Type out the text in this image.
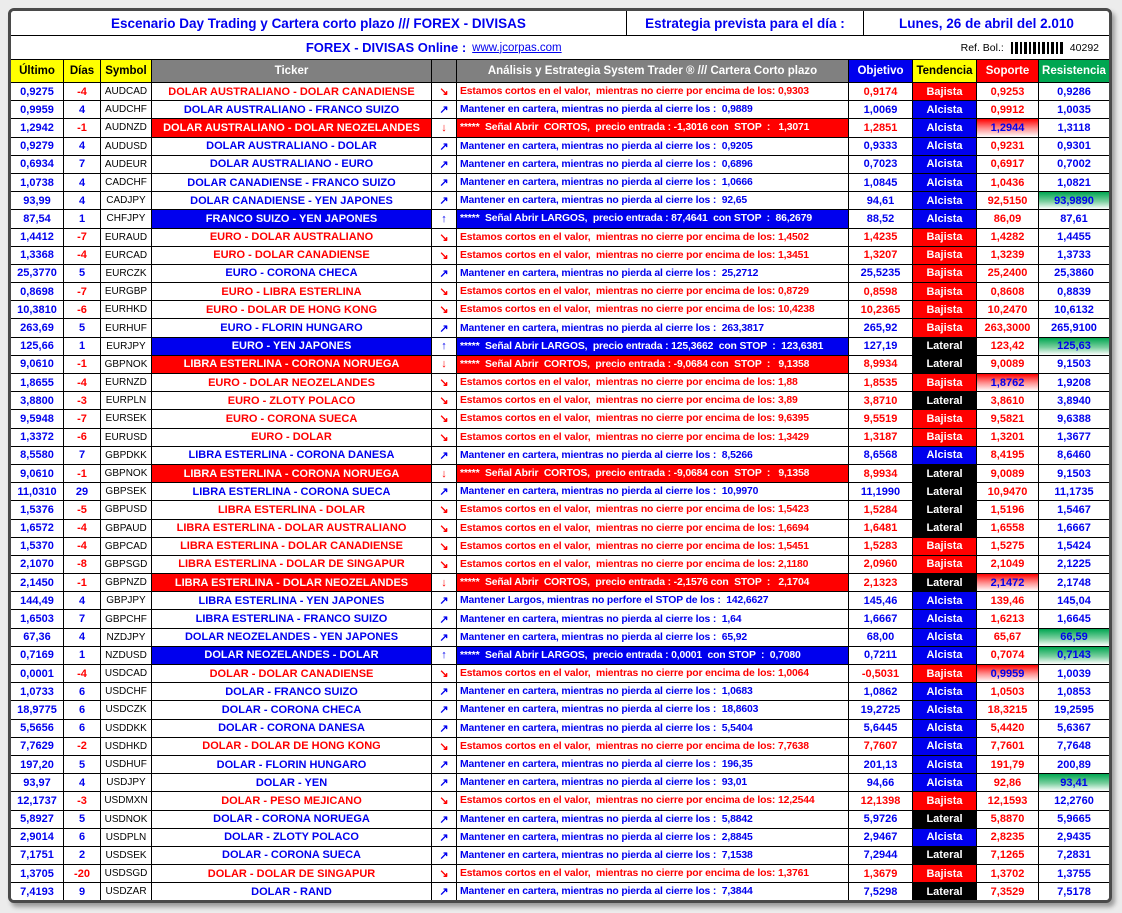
Escenario Day Trading y Cartera corto plazo /// FOREX - DIVISAS	Estrategia prevista para el día :	Lunes, 26 de abril del 2.010
FOREX - DIVISAS Online : www.jcorpas.com	Ref. Bol.:	40292
Último	Días Symbol	Ticker	Análisis y Estrategia System Trader ® /// Cartera Corto plazo	Objetivo	Tendencia	Soporte	Resistencia
0,9275	-4	AUDCAD	DOLAR AUSTRALIANO - DOLAR CANADIENSE	↘ Estamos cortos en el valor,  mientras no cierre por encima de los: 0,9303	0,9174	Bajista	0,9253	0,9286
0,9959	4	AUDCHF	DOLAR AUSTRALIANO - FRANCO SUIZO	↗ Mantener en cartera, mientras no pierda al cierre los :  0,9889	1,0069	Alcista	0,9912	1,0035
1,2942	-1	AUDNZD	DOLAR AUSTRALIANO - DOLAR NEOZELANDES	↓ *****  Señal Abrir  CORTOS,  precio entrada : -1,3016 con  STOP  :   1,3071	1,2851	Alcista	1,2944	1,3118
0,9279	4	AUDUSD	DOLAR AUSTRALIANO - DOLAR	↗ Mantener en cartera, mientras no pierda al cierre los :  0,9205	0,9333	Alcista	0,9231	0,9301
0,6934	7	AUDEUR	DOLAR AUSTRALIANO - EURO	↗ Mantener en cartera, mientras no pierda al cierre los :  0,6896	0,7023	Alcista	0,6917	0,7002
1,0738	4	CADCHF	DOLAR CANADIENSE - FRANCO SUIZO	↗ Mantener en cartera, mientras no pierda al cierre los :  1,0666	1,0845	Alcista	1,0436	1,0821
93,99	4	CADJPY	DOLAR CANADIENSE - YEN JAPONES	↗ Mantener en cartera, mientras no pierda al cierre los :  92,65	94,61	Alcista	92,5150	93,9890
87,54	1	CHFJPY	FRANCO SUIZO - YEN JAPONES	↑ *****  Señal Abrir LARGOS,  precio entrada : 87,4641  con STOP  :  86,2679	88,52	Alcista	86,09	87,61
1,4412	-7	EURAUD	EURO - DOLAR AUSTRALIANO	↘ Estamos cortos en el valor,  mientras no cierre por encima de los: 1,4502	1,4235	Bajista	1,4282	1,4455
1,3368	-4	EURCAD	EURO - DOLAR CANADIENSE	↘ Estamos cortos en el valor,  mientras no cierre por encima de los: 1,3451	1,3207	Bajista	1,3239	1,3733
25,3770	5	EURCZK	EURO - CORONA CHECA	↗ Mantener en cartera, mientras no pierda al cierre los :  25,2712	25,5235	Bajista	25,2400	25,3860
0,8698	-7	EURGBP	EURO - LIBRA ESTERLINA	↘ Estamos cortos en el valor,  mientras no cierre por encima de los: 0,8729	0,8598	Bajista	0,8608	0,8839
10,3810	-6	EURHKD	EURO - DOLAR DE HONG KONG	↘ Estamos cortos en el valor,  mientras no cierre por encima de los: 10,4238	10,2365	Bajista	10,2470	10,6132
263,69	5	EURHUF	EURO - FLORIN HUNGARO	↗ Mantener en cartera, mientras no pierda al cierre los :  263,3817	265,92	Bajista	263,3000	265,9100
125,66	1	EURJPY	EURO - YEN JAPONES	↑ *****  Señal Abrir LARGOS,  precio entrada : 125,3662  con STOP  :  123,6381	127,19	Lateral	123,42	125,63
9,0610	-1	GBPNOK	LIBRA ESTERLINA - CORONA NORUEGA	↓ *****  Señal Abrir  CORTOS,  precio entrada : -9,0684 con  STOP  :   9,1358	8,9934	Lateral	9,0089	9,1503
1,8655	-4	EURNZD	EURO - DOLAR NEOZELANDES	↘ Estamos cortos en el valor,  mientras no cierre por encima de los: 1,88	1,8535	Bajista	1,8762	1,9208
3,8800	-3	EURPLN	EURO - ZLOTY POLACO	↘ Estamos cortos en el valor,  mientras no cierre por encima de los: 3,89	3,8710	Lateral	3,8610	3,8940
9,5948	-7	EURSEK	EURO - CORONA SUECA	↘ Estamos cortos en el valor,  mientras no cierre por encima de los: 9,6395	9,5519	Bajista	9,5821	9,6388
1,3372	-6	EURUSD	EURO - DOLAR	↘ Estamos cortos en el valor,  mientras no cierre por encima de los: 1,3429	1,3187	Bajista	1,3201	1,3677
8,5580	7	GBPDKK	LIBRA ESTERLINA - CORONA DANESA	↗ Mantener en cartera, mientras no pierda al cierre los :  8,5266	8,6568	Alcista	8,4195	8,6460
9,0610	-1	GBPNOK	LIBRA ESTERLINA - CORONA NORUEGA	↓ *****  Señal Abrir  CORTOS,  precio entrada : -9,0684 con  STOP  :   9,1358	8,9934	Lateral	9,0089	9,1503
11,0310	29	GBPSEK	LIBRA ESTERLINA - CORONA SUECA	↗ Mantener en cartera, mientras no pierda al cierre los :  10,9970	11,1990	Lateral	10,9470	11,1735
1,5376	-5	GBPUSD	LIBRA ESTERLINA - DOLAR	↘ Estamos cortos en el valor,  mientras no cierre por encima de los: 1,5423	1,5284	Lateral	1,5196	1,5467
1,6572	-4	GBPAUD	LIBRA ESTERLINA - DOLAR AUSTRALIANO	↘ Estamos cortos en el valor,  mientras no cierre por encima de los: 1,6694	1,6481	Lateral	1,6558	1,6667
1,5370	-4	GBPCAD	LIBRA ESTERLINA - DOLAR CANADIENSE	↘ Estamos cortos en el valor,  mientras no cierre por encima de los: 1,5451	1,5283	Bajista	1,5275	1,5424
2,1070	-8	GBPSGD	LIBRA ESTERLINA - DOLAR DE SINGAPUR	↘ Estamos cortos en el valor,  mientras no cierre por encima de los: 2,1180	2,0960	Bajista	2,1049	2,1225
2,1450	-1	GBPNZD	LIBRA ESTERLINA - DOLAR NEOZELANDES	↓ *****  Señal Abrir  CORTOS,  precio entrada : -2,1576 con  STOP  :   2,1704	2,1323	Lateral	2,1472	2,1748
144,49	4	GBPJPY	LIBRA ESTERLINA - YEN JAPONES	↗ Mantener Largos, mientras no perfore el STOP de los :  142,6627	145,46	Alcista	139,46	145,04
1,6503	7	GBPCHF	LIBRA ESTERLINA - FRANCO SUIZO	↗ Mantener en cartera, mientras no pierda al cierre los :  1,64	1,6667	Alcista	1,6213	1,6645
67,36	4	NZDJPY	DOLAR NEOZELANDES - YEN JAPONES	↗ Mantener en cartera, mientras no pierda al cierre los :  65,92	68,00	Alcista	65,67	66,59
0,7169	1	NZDUSD	DOLAR NEOZELANDES - DOLAR	↑ *****  Señal Abrir LARGOS,  precio entrada : 0,0001  con STOP  :  0,7080	0,7211	Alcista	0,7074	0,7143
0,0001	-4	USDCAD	DOLAR - DOLAR CANADIENSE	↘ Estamos cortos en el valor,  mientras no cierre por encima de los: 1,0064	-0,5031	Bajista	0,9959	1,0039
1,0733	6	USDCHF	DOLAR - FRANCO SUIZO	↗ Mantener en cartera, mientras no pierda al cierre los :  1,0683	1,0862	Alcista	1,0503	1,0853
18,9775	6	USDCZK	DOLAR - CORONA CHECA	↗ Mantener en cartera, mientras no pierda al cierre los :  18,8603	19,2725	Alcista	18,3215	19,2595
5,5656	6	USDDKK	DOLAR - CORONA DANESA	↗ Mantener en cartera, mientras no pierda al cierre los :  5,5404	5,6445	Alcista	5,4420	5,6367
7,7629	-2	USDHKD	DOLAR - DOLAR DE HONG KONG	↘ Estamos cortos en el valor,  mientras no cierre por encima de los: 7,7638	7,7607	Alcista	7,7601	7,7648
197,20	5	USDHUF	DOLAR - FLORIN HUNGARO	↗ Mantener en cartera, mientras no pierda al cierre los :  196,35	201,13	Alcista	191,79	200,89
93,97	4	USDJPY	DOLAR - YEN	↗ Mantener en cartera, mientras no pierda al cierre los :  93,01	94,66	Alcista	92,86	93,41
12,1737	-3	USDMXN	DOLAR - PESO MEJICANO	↘ Estamos cortos en el valor,  mientras no cierre por encima de los: 12,2544	12,1398	Bajista	12,1593	12,2760
5,8927	5	USDNOK	DOLAR - CORONA NORUEGA	↗ Mantener en cartera, mientras no pierda al cierre los :  5,8842	5,9726	Lateral	5,8870	5,9665
2,9014	6	USDPLN	DOLAR - ZLOTY POLACO	↗ Mantener en cartera, mientras no pierda al cierre los :  2,8845	2,9467	Alcista	2,8235	2,9435
7,1751	2	USDSEK	DOLAR - CORONA SUECA	↗ Mantener en cartera, mientras no pierda al cierre los :  7,1538	7,2944	Lateral	7,1265	7,2831
1,3705	-20	USDSGD	DOLAR - DOLAR DE SINGAPUR	↘ Estamos cortos en el valor,  mientras no cierre por encima de los: 1,3761	1,3679	Bajista	1,3702	1,3755
7,4193	9	USDZAR	DOLAR - RAND	↗ Mantener en cartera, mientras no pierda al cierre los :  7,3844	7,5298	Lateral	7,3529	7,5178
